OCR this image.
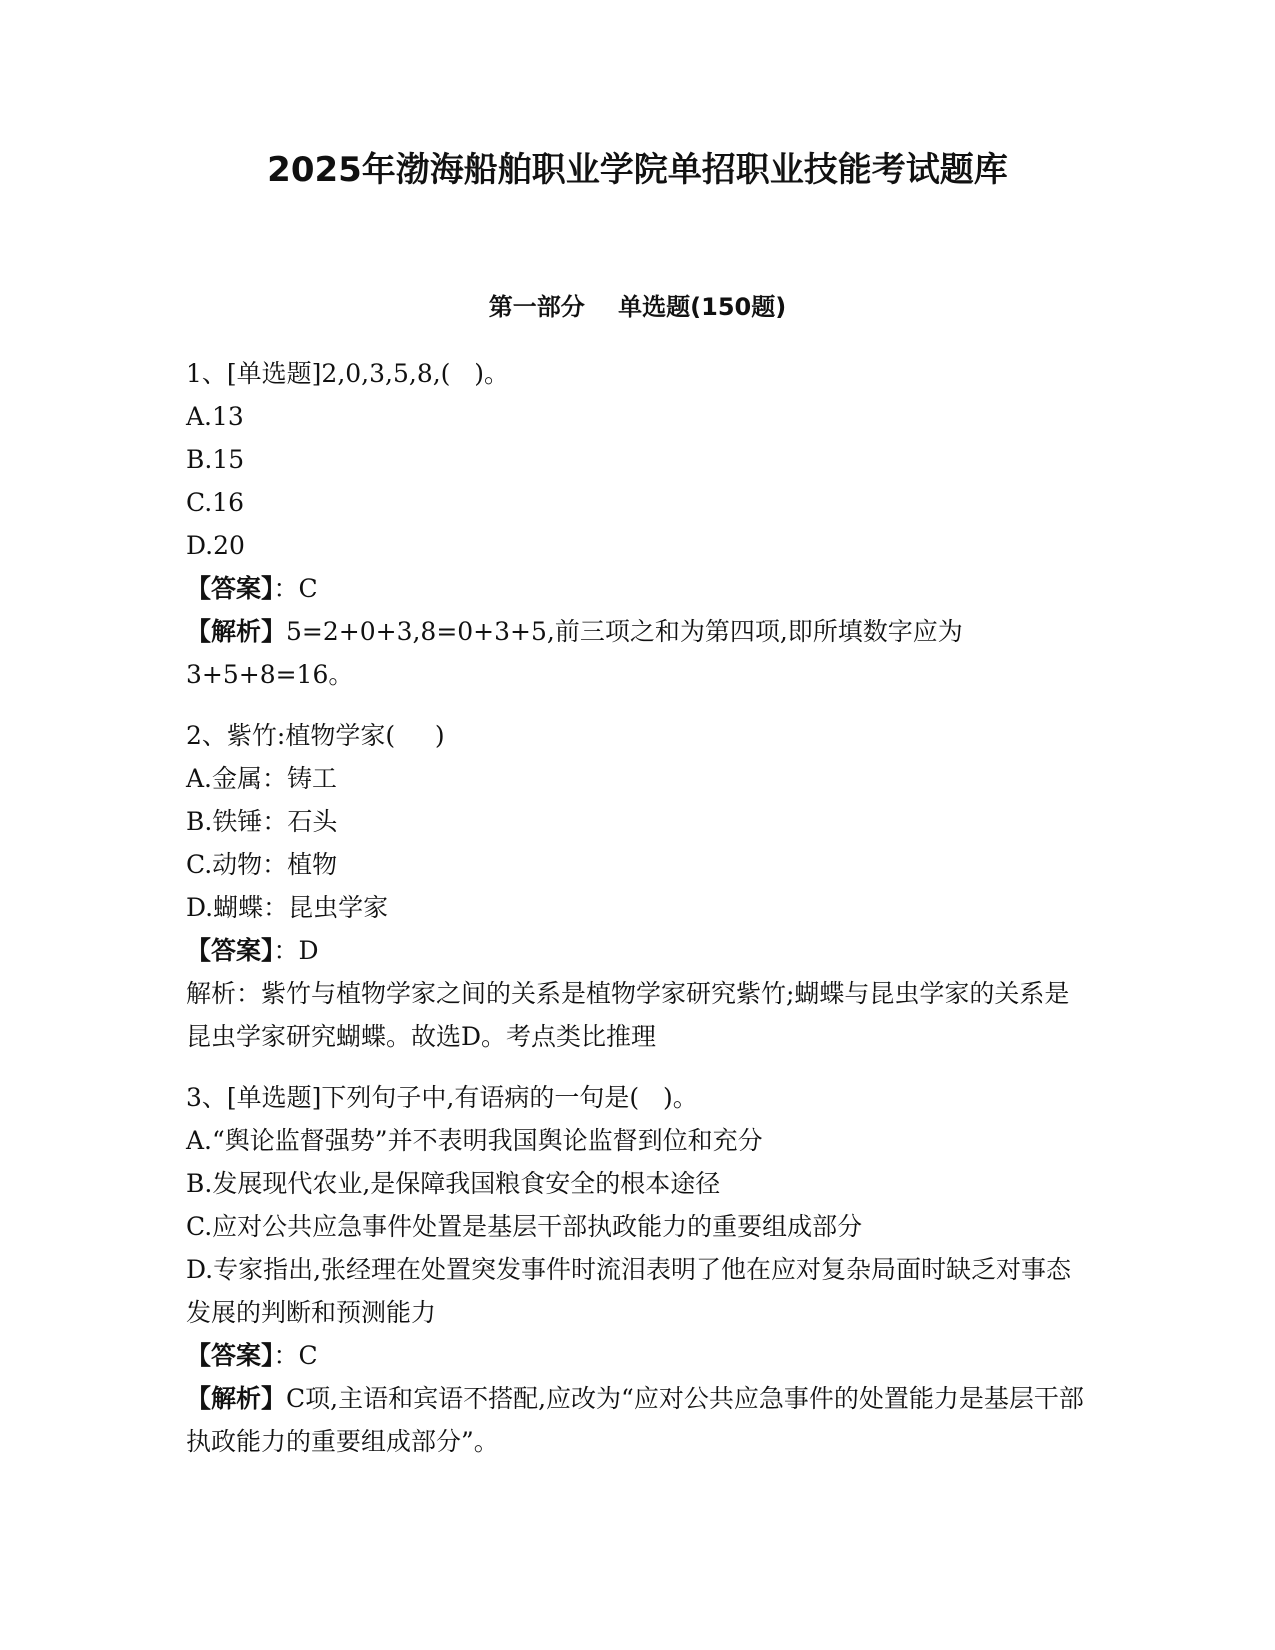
2025年渤海船舶职业学院单招职业技能考试题库
第一部分    单选题(150题)

1、[单选题]2,0,3,5,8,(   )。

A.13

B.15

C.16

D.20

【答案】：C

【解析】5=2+0+3,8=0+3+5,前三项之和为第四项,即所填数字应为3+5+8=16。

2、紫竹:植物学家(     )

A.金属：铸工

B.铁锤：石头

C.动物：植物

D.蝴蝶：昆虫学家

【答案】：D

解析：紫竹与植物学家之间的关系是植物学家研究紫竹;蝴蝶与昆虫学家的关系是昆虫学家研究蝴蝶。故选D。考点类比推理

3、[单选题]下列句子中,有语病的一句是(   )。

A.“舆论监督强势”并不表明我国舆论监督到位和充分

B.发展现代农业,是保障我国粮食安全的根本途径

C.应对公共应急事件处置是基层干部执政能力的重要组成部分

D.专家指出,张经理在处置突发事件时流泪表明了他在应对复杂局面时缺乏对事态发展的判断和预测能力

【答案】：C

【解析】C项,主语和宾语不搭配,应改为“应对公共应急事件的处置能力是基层干部执政能力的重要组成部分”。
